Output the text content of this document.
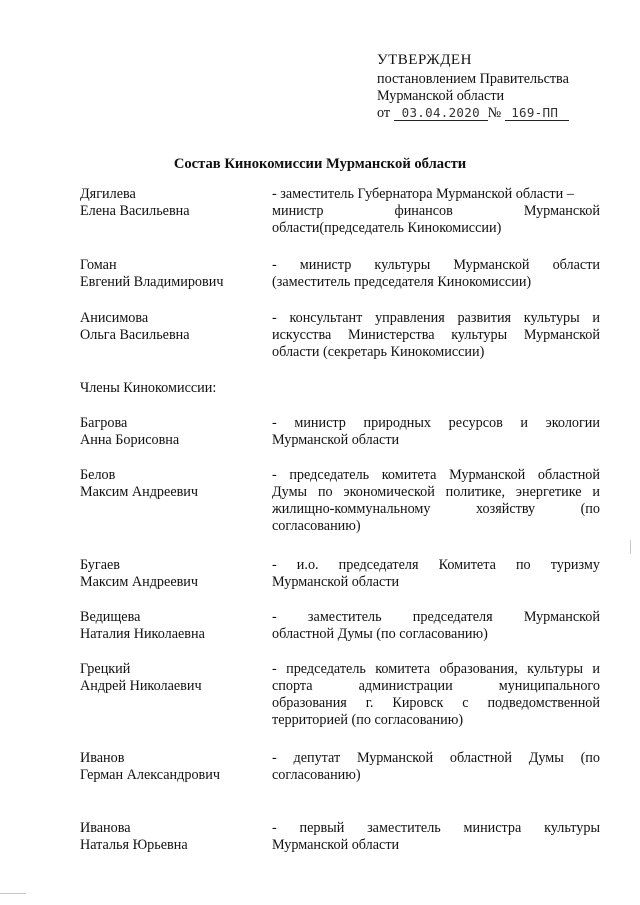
УТВЕРЖДЕН
постановлением Правительства
Мурманской области
от 03.04.2020 № 169-ПП
Состав Кинокомиссии Мурманской области
Дягилева
Елена Васильевна
- заместитель Губернатора Мурманской области –
министр финансов Мурманской
области(председатель Кинокомиссии)
Гоман
Евгений Владимирович
- министр культуры Мурманской области
(заместитель председателя Кинокомиссии)
Анисимова
Ольга Васильевна
- консультант управления развития культуры и
искусства Министерства культуры Мурманской
области (секретарь Кинокомиссии)
Члены Кинокомиссии:
Багрова
Анна Борисовна
- министр природных ресурсов и экологии
Мурманской области
Белов
Максим Андреевич
- председатель комитета Мурманской областной
Думы по экономической политике, энергетике и
жилищно-коммунальному хозяйству (по
согласованию)
Бугаев
Максим Андреевич
- и.о. председателя Комитета по туризму
Мурманской области
Ведищева
Наталия Николаевна
- заместитель председателя Мурманской
областной Думы (по согласованию)
Грецкий
Андрей Николаевич
- председатель комитета образования, культуры и
спорта администрации муниципального
образования г. Кировск с подведомственной
территорией (по согласованию)
Иванов
Герман Александрович
- депутат Мурманской областной Думы (по
согласованию)
Иванова
Наталья Юрьевна
- первый заместитель министра культуры
Мурманской области
